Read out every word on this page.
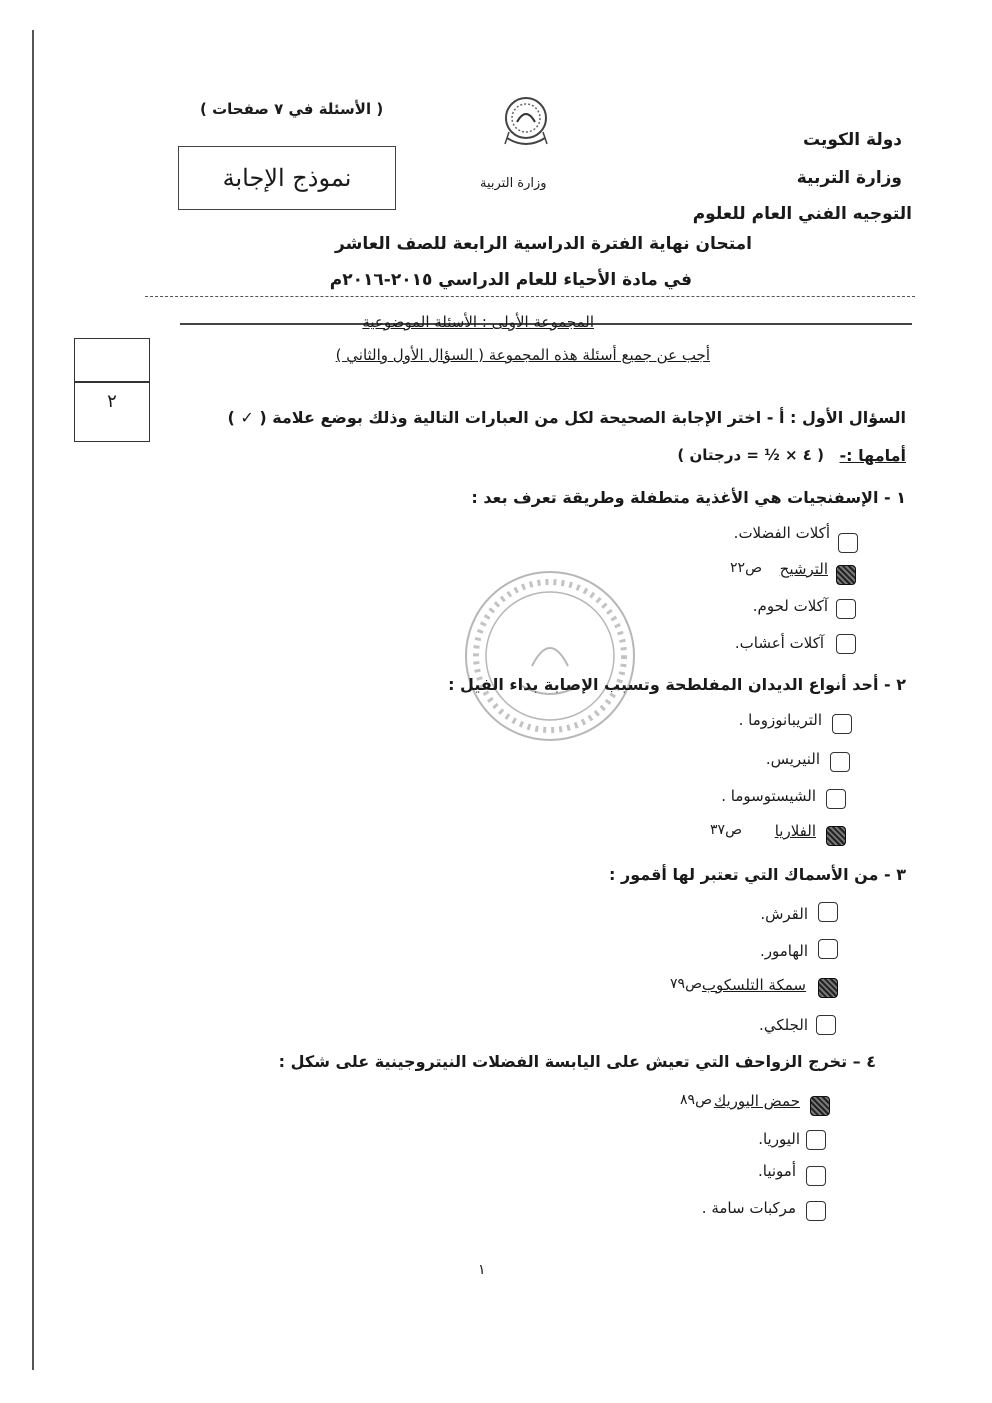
دولة الكويت
وزارة التربية
التوجيه الفني العام للعلوم
( الأسئلة في ٧ صفحات )
نموذج الإجابة	وزارة التربية
امتحان نهاية الفترة الدراسية الرابعة للصف العاشر
في مادة الأحياء للعام الدراسي ٢٠١٥-٢٠١٦م
٢
المجموعة الأولى : الأسئلة الموضوعية
أجب عن جميع أسئلة هذه المجموعة ( السؤال الأول والثاني )
السؤال الأول : أ - اختر الإجابة الصحيحة لكل من العبارات التالية وذلك بوضع علامة ( ✓ )
أمامها :-
( ٤ × ½ = درجتان )
١ - الإسفنجيات هي الأغذية متطفلة وطريقة تعرف بعد :
أكلات الفضلات.
الترشيح
ص٢٢
آكلات لحوم.
آكلات أعشاب.
٢ - أحد أنواع الديدان المفلطحة وتسبب الإصابة بداء الفيل :
التريبانوزوما .
النيريس.
الشيستوسوما .
الفلاريا
ص٣٧
٣ - من الأسماك التي تعتبر لها أقمور :
القرش.
الهامور.
سمكة التلسكوب
ص٧٩
الجلكي.
٤ – تخرج الزواحف التي تعيش على اليابسة الفضلات النيتروجينية على شكل :
حمض اليوريك
ص٨٩
اليوريا.
أمونيا.
مركبات سامة .
١
